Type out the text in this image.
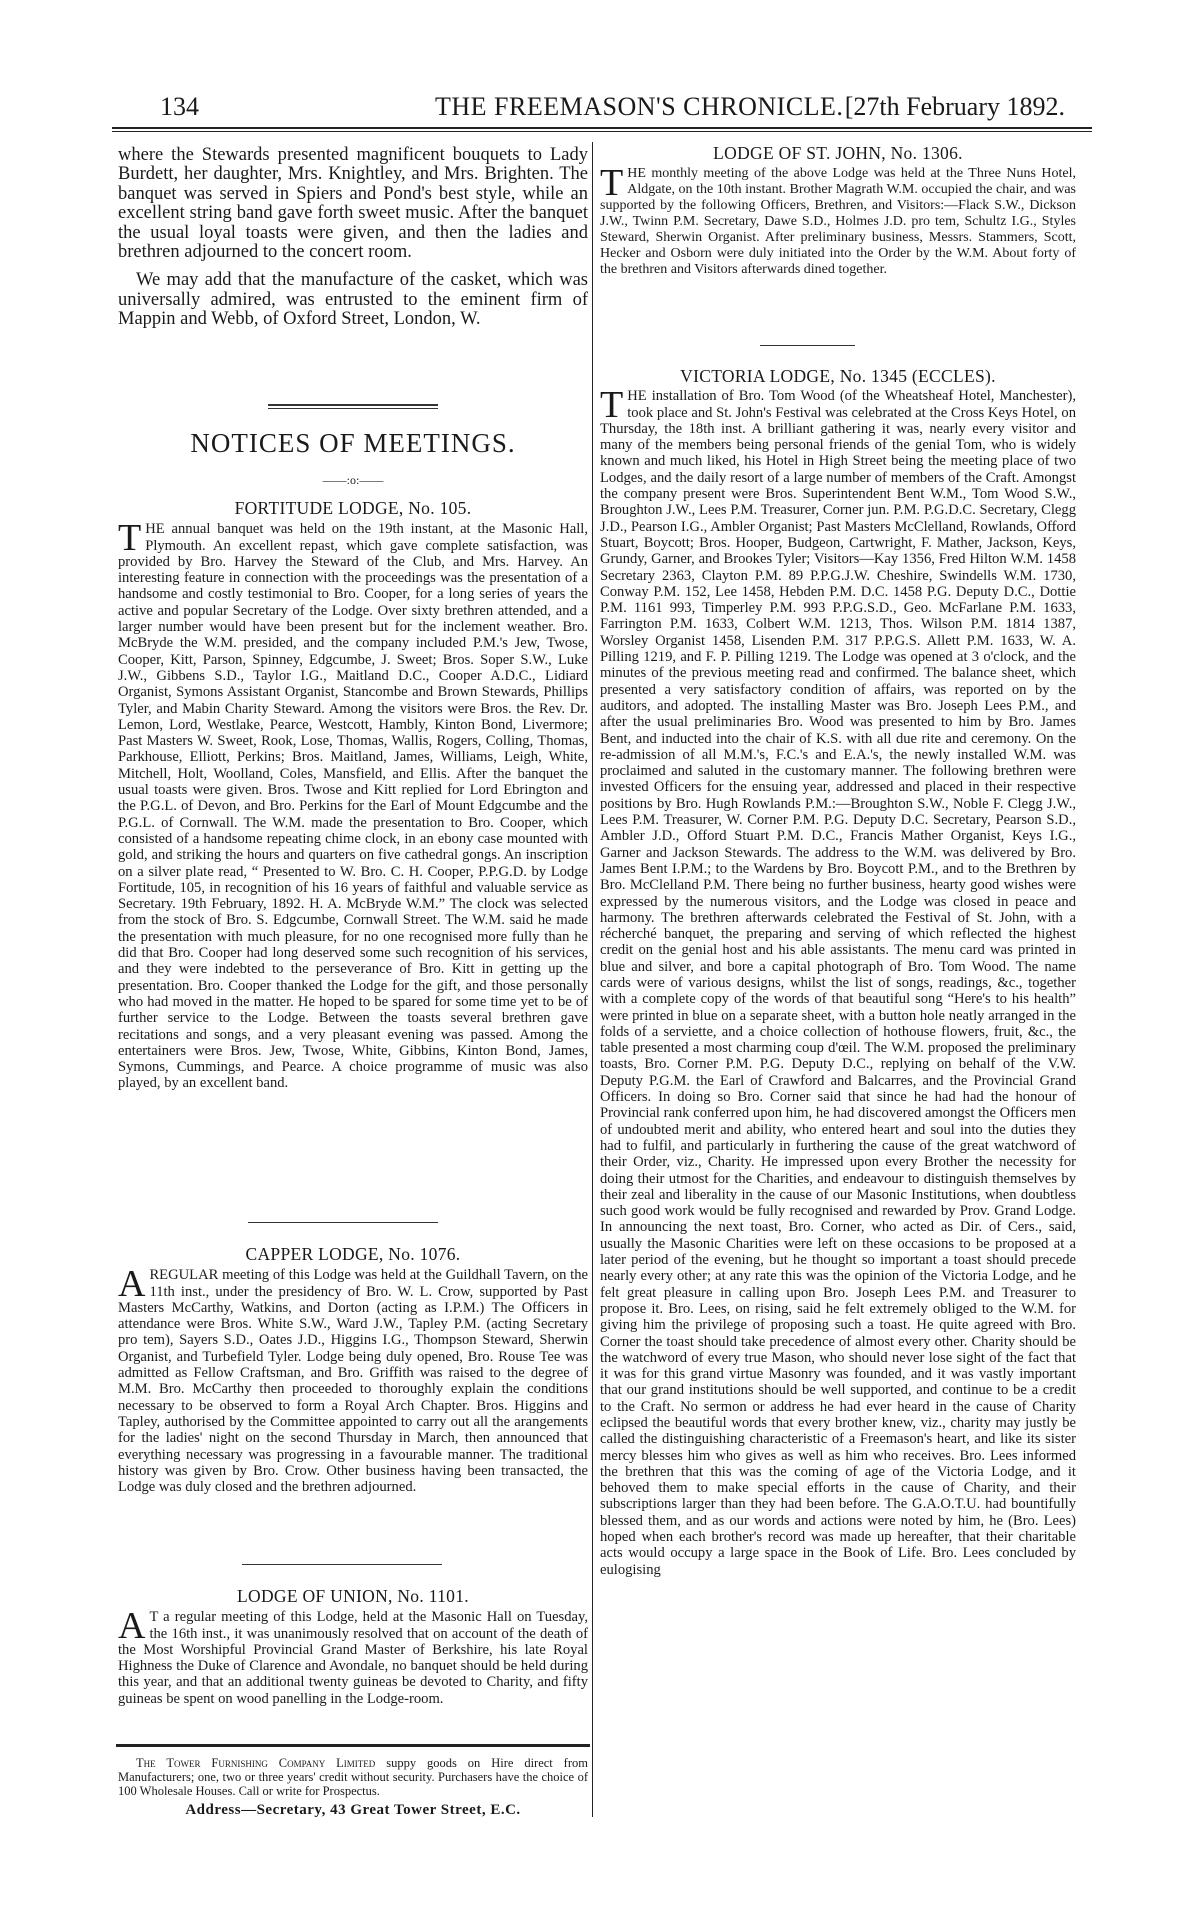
134	THE FREEMASON'S CHRONICLE. [27th February 1892.

where the Stewards presented magnificent bouquets to Lady Burdett, her daughter, Mrs. Knightley, and Mrs. Brighten. The banquet was served in Spiers and Pond's best style, while an excellent string band gave forth sweet music. After the banquet the usual loyal toasts were given, and then the ladies and brethren adjourned to the concert room.

We may add that the manufacture of the casket, which was universally admired, was entrusted to the eminent firm of Mappin and Webb, of Oxford Street, London, W.

NOTICES OF MEETINGS.
——:o:——
FORTITUDE LODGE, No. 105.

THE annual banquet was held on the 19th instant, at the Masonic Hall, Plymouth. An excellent repast, which gave complete satisfaction, was provided by Bro. Harvey the Steward of the Club, and Mrs. Harvey. An interesting feature in connection with the proceedings was the presentation of a handsome and costly testimonial to Bro. Cooper, for a long series of years the active and popular Secretary of the Lodge. Over sixty brethren attended, and a larger number would have been present but for the inclement weather. Bro. McBryde the W.M. presided, and the company included P.M.'s Jew, Twose, Cooper, Kitt, Parson, Spinney, Edgcumbe, J. Sweet; Bros. Soper S.W., Luke J.W., Gibbens S.D., Taylor I.G., Maitland D.C., Cooper A.D.C., Lidiard Organist, Symons Assistant Organist, Stancombe and Brown Stewards, Phillips Tyler, and Mabin Charity Steward. Among the visitors were Bros. the Rev. Dr. Lemon, Lord, Westlake, Pearce, Westcott, Hambly, Kinton Bond, Livermore; Past Masters W. Sweet, Rook, Lose, Thomas, Wallis, Rogers, Colling, Thomas, Parkhouse, Elliott, Perkins; Bros. Maitland, James, Williams, Leigh, White, Mitchell, Holt, Woolland, Coles, Mansfield, and Ellis. After the banquet the usual toasts were given. Bros. Twose and Kitt replied for Lord Ebrington and the P.G.L. of Devon, and Bro. Perkins for the Earl of Mount Edgcumbe and the P.G.L. of Cornwall. The W.M. made the presentation to Bro. Cooper, which consisted of a handsome repeating chime clock, in an ebony case mounted with gold, and striking the hours and quarters on five cathedral gongs. An inscription on a silver plate read, “ Presented to W. Bro. C. H. Cooper, P.P.G.D. by Lodge Fortitude, 105, in recognition of his 16 years of faithful and valuable service as Secretary. 19th February, 1892. H. A. McBryde W.M.” The clock was selected from the stock of Bro. S. Edgcumbe, Cornwall Street. The W.M. said he made the presentation with much pleasure, for no one recognised more fully than he did that Bro. Cooper had long deserved some such recognition of his services, and they were indebted to the perseverance of Bro. Kitt in getting up the presentation. Bro. Cooper thanked the Lodge for the gift, and those personally who had moved in the matter. He hoped to be spared for some time yet to be of further service to the Lodge. Between the toasts several brethren gave recitations and songs, and a very pleasant evening was passed. Among the entertainers were Bros. Jew, Twose, White, Gibbins, Kinton Bond, James, Symons, Cummings, and Pearce. A choice programme of music was also played, by an excellent band.

CAPPER LODGE, No. 1076.

A REGULAR meeting of this Lodge was held at the Guildhall Tavern, on the 11th inst., under the presidency of Bro. W. L. Crow, supported by Past Masters McCarthy, Watkins, and Dorton (acting as I.P.M.) The Officers in attendance were Bros. White S.W., Ward J.W., Tapley P.M. (acting Secretary pro tem), Sayers S.D., Oates J.D., Higgins I.G., Thompson Steward, Sherwin Organist, and Turbefield Tyler. Lodge being duly opened, Bro. Rouse Tee was admitted as Fellow Craftsman, and Bro. Griffith was raised to the degree of M.M. Bro. McCarthy then proceeded to thoroughly explain the conditions necessary to be observed to form a Royal Arch Chapter. Bros. Higgins and Tapley, authorised by the Committee appointed to carry out all the arangements for the ladies' night on the second Thursday in March, then announced that everything necessary was progressing in a favourable manner. The traditional history was given by Bro. Crow. Other business having been transacted, the Lodge was duly closed and the brethren adjourned.

LODGE OF UNION, No. 1101.

A T a regular meeting of this Lodge, held at the Masonic Hall on Tuesday, the 16th inst., it was unanimously resolved that on account of the death of the Most Worshipful Provincial Grand Master of Berkshire, his late Royal Highness the Duke of Clarence and Avondale, no banquet should be held during this year, and that an additional twenty guineas be devoted to Charity, and fifty guineas be spent on wood panelling in the Lodge-room.

The Tower Furnishing Company Limited suppy goods on Hire direct from Manufacturers; one, two or three years' credit without security. Purchasers have the choice of 100 Wholesale Houses. Call or write for Prospectus.

Address—Secretary, 43 Great Tower Street, E.C.
LODGE OF ST. JOHN, No. 1306.

THE monthly meeting of the above Lodge was held at the Three Nuns Hotel, Aldgate, on the 10th instant. Brother Magrath W.M. occupied the chair, and was supported by the following Officers, Brethren, and Visitors:—Flack S.W., Dickson J.W., Twinn P.M. Secretary, Dawe S.D., Holmes J.D. pro tem, Schultz I.G., Styles Steward, Sherwin Organist. After preliminary business, Messrs. Stammers, Scott, Hecker and Osborn were duly initiated into the Order by the W.M. About forty of the brethren and Visitors afterwards dined together.

VICTORIA LODGE, No. 1345 (ECCLES).

THE installation of Bro. Tom Wood (of the Wheatsheaf Hotel, Manchester), took place and St. John's Festival was celebrated at the Cross Keys Hotel, on Thursday, the 18th inst. A brilliant gathering it was, nearly every visitor and many of the members being personal friends of the genial Tom, who is widely known and much liked, his Hotel in High Street being the meeting place of two Lodges, and the daily resort of a large number of members of the Craft. Amongst the company present were Bros. Superintendent Bent W.M., Tom Wood S.W., Broughton J.W., Lees P.M. Treasurer, Corner jun. P.M. P.G.D.C. Secretary, Clegg J.D., Pearson I.G., Ambler Organist; Past Masters McClelland, Rowlands, Offord Stuart, Boycott; Bros. Hooper, Budgeon, Cartwright, F. Mather, Jackson, Keys, Grundy, Garner, and Brookes Tyler; Visitors—Kay 1356, Fred Hilton W.M. 1458 Secretary 2363, Clayton P.M. 89 P.P.G.J.W. Cheshire, Swindells W.M. 1730, Conway P.M. 152, Lee 1458, Hebden P.M. D.C. 1458 P.G. Deputy D.C., Dottie P.M. 1161 993, Timperley P.M. 993 P.P.G.S.D., Geo. McFarlane P.M. 1633, Farrington P.M. 1633, Colbert W.M. 1213, Thos. Wilson P.M. 1814 1387, Worsley Organist 1458, Lisenden P.M. 317 P.P.G.S. Allett P.M. 1633, W. A. Pilling 1219, and F. P. Pilling 1219. The Lodge was opened at 3 o'clock, and the minutes of the previous meeting read and confirmed. The balance sheet, which presented a very satisfactory condition of affairs, was reported on by the auditors, and adopted. The installing Master was Bro. Joseph Lees P.M., and after the usual preliminaries Bro. Wood was presented to him by Bro. James Bent, and inducted into the chair of K.S. with all due rite and ceremony. On the re-admission of all M.M.'s, F.C.'s and E.A.'s, the newly installed W.M. was proclaimed and saluted in the customary manner. The following brethren were invested Officers for the ensuing year, addressed and placed in their respective positions by Bro. Hugh Rowlands P.M.:—Broughton S.W., Noble F. Clegg J.W., Lees P.M. Treasurer, W. Corner P.M. P.G. Deputy D.C. Secretary, Pearson S.D., Ambler J.D., Offord Stuart P.M. D.C., Francis Mather Organist, Keys I.G., Garner and Jackson Stewards. The address to the W.M. was delivered by Bro. James Bent I.P.M.; to the Wardens by Bro. Boycott P.M., and to the Brethren by Bro. McClelland P.M. There being no further business, hearty good wishes were expressed by the numerous visitors, and the Lodge was closed in peace and harmony. The brethren afterwards celebrated the Festival of St. John, with a récherché banquet, the preparing and serving of which reflected the highest credit on the genial host and his able assistants. The menu card was printed in blue and silver, and bore a capital photograph of Bro. Tom Wood. The name cards were of various designs, whilst the list of songs, readings, &c., together with a complete copy of the words of that beautiful song “Here's to his health” were printed in blue on a separate sheet, with a button hole neatly arranged in the folds of a serviette, and a choice collection of hothouse flowers, fruit, &c., the table presented a most charming coup d'œil. The W.M. proposed the preliminary toasts, Bro. Corner P.M. P.G. Deputy D.C., replying on behalf of the V.W. Deputy P.G.M. the Earl of Crawford and Balcarres, and the Provincial Grand Officers. In doing so Bro. Corner said that since he had had the honour of Provincial rank conferred upon him, he had discovered amongst the Officers men of undoubted merit and ability, who entered heart and soul into the duties they had to fulfil, and particularly in furthering the cause of the great watchword of their Order, viz., Charity. He impressed upon every Brother the necessity for doing their utmost for the Charities, and endeavour to distinguish themselves by their zeal and liberality in the cause of our Masonic Institutions, when doubtless such good work would be fully recognised and rewarded by Prov. Grand Lodge. In announcing the next toast, Bro. Corner, who acted as Dir. of Cers., said, usually the Masonic Charities were left on these occasions to be proposed at a later period of the evening, but he thought so important a toast should precede nearly every other; at any rate this was the opinion of the Victoria Lodge, and he felt great pleasure in calling upon Bro. Joseph Lees P.M. and Treasurer to propose it. Bro. Lees, on rising, said he felt extremely obliged to the W.M. for giving him the privilege of proposing such a toast. He quite agreed with Bro. Corner the toast should take precedence of almost every other. Charity should be the watchword of every true Mason, who should never lose sight of the fact that it was for this grand virtue Masonry was founded, and it was vastly important that our grand institutions should be well supported, and continue to be a credit to the Craft. No sermon or address he had ever heard in the cause of Charity eclipsed the beautiful words that every brother knew, viz., charity may justly be called the distinguishing characteristic of a Freemason's heart, and like its sister mercy blesses him who gives as well as him who receives. Bro. Lees informed the brethren that this was the coming of age of the Victoria Lodge, and it behoved them to make special efforts in the cause of Charity, and their subscriptions larger than they had been before. The G.A.O.T.U. had bountifully blessed them, and as our words and actions were noted by him, he (Bro. Lees) hoped when each brother's record was made up hereafter, that their charitable acts would occupy a large space in the Book of Life. Bro. Lees concluded by eulogising
